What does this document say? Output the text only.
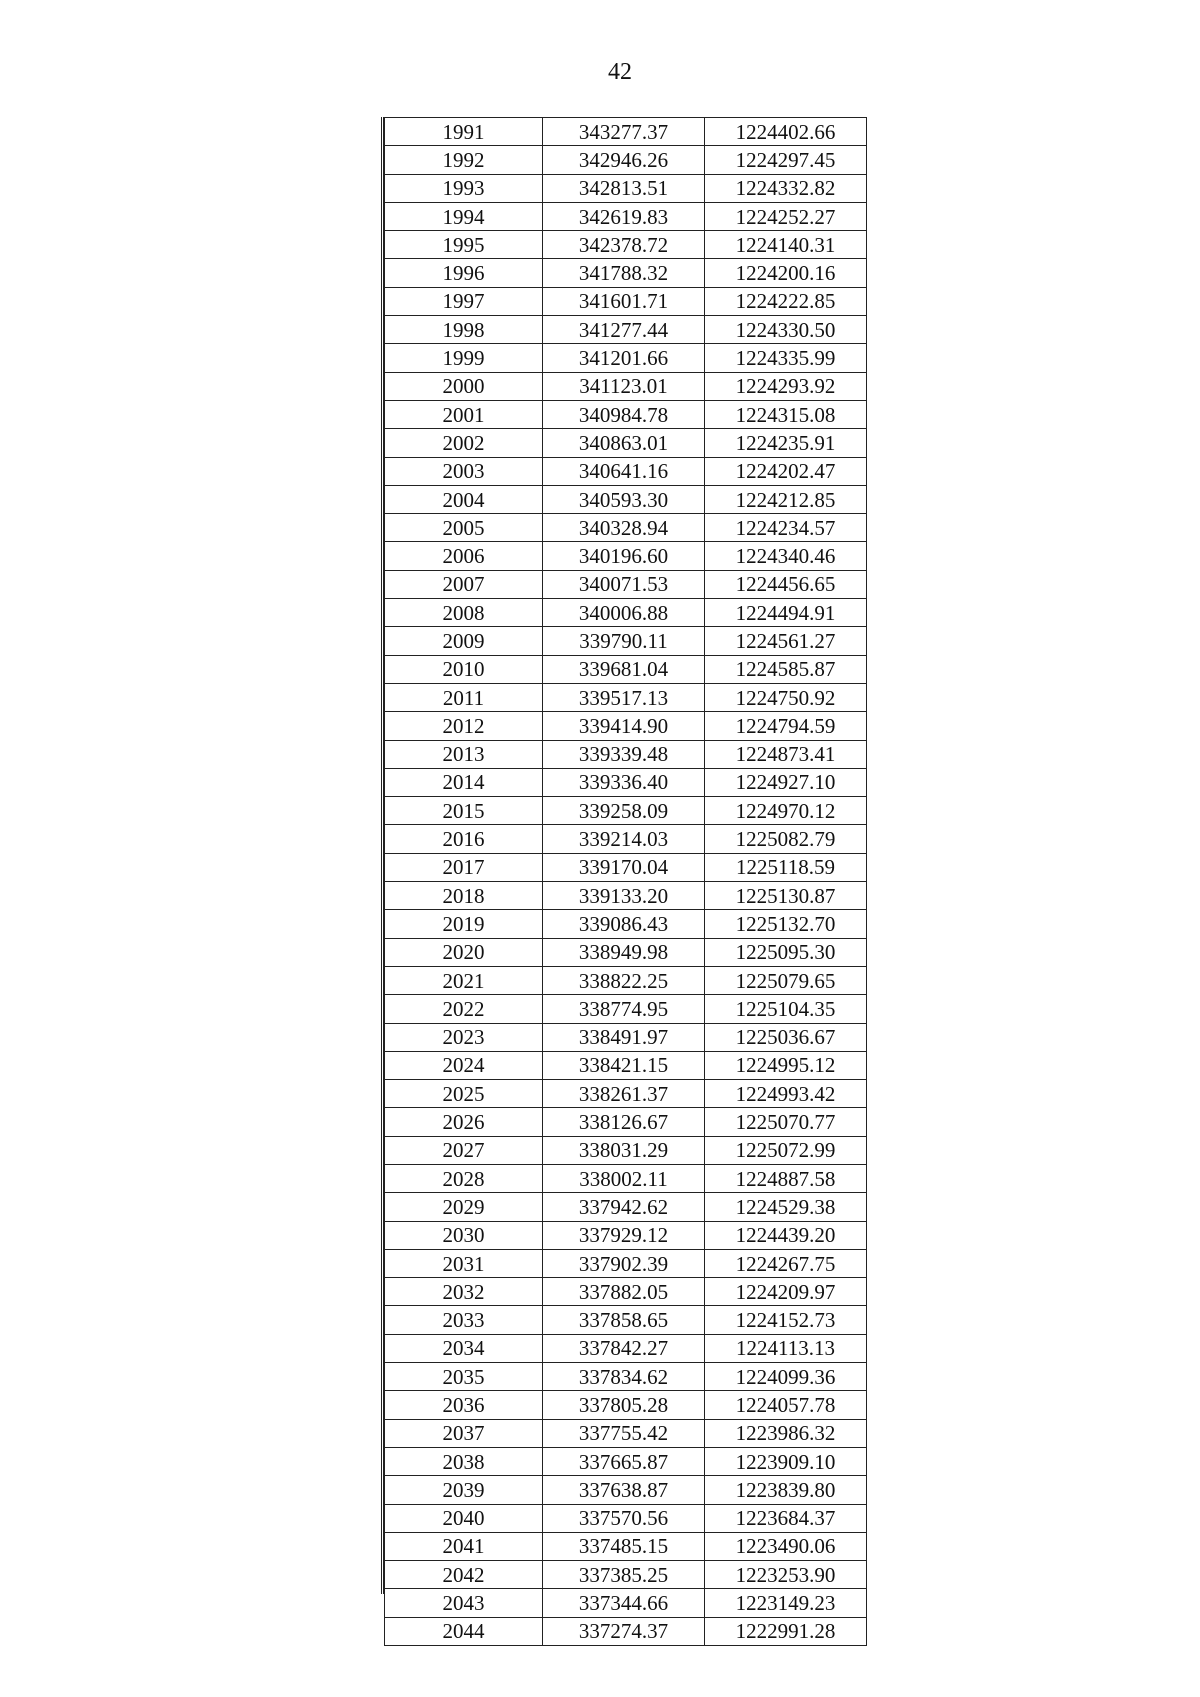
42
1991	343277.37	1224402.66
1992	342946.26	1224297.45
1993	342813.51	1224332.82
1994	342619.83	1224252.27
1995	342378.72	1224140.31
1996	341788.32	1224200.16
1997	341601.71	1224222.85
1998	341277.44	1224330.50
1999	341201.66	1224335.99
2000	341123.01	1224293.92
2001	340984.78	1224315.08
2002	340863.01	1224235.91
2003	340641.16	1224202.47
2004	340593.30	1224212.85
2005	340328.94	1224234.57
2006	340196.60	1224340.46
2007	340071.53	1224456.65
2008	340006.88	1224494.91
2009	339790.11	1224561.27
2010	339681.04	1224585.87
2011	339517.13	1224750.92
2012	339414.90	1224794.59
2013	339339.48	1224873.41
2014	339336.40	1224927.10
2015	339258.09	1224970.12
2016	339214.03	1225082.79
2017	339170.04	1225118.59
2018	339133.20	1225130.87
2019	339086.43	1225132.70
2020	338949.98	1225095.30
2021	338822.25	1225079.65
2022	338774.95	1225104.35
2023	338491.97	1225036.67
2024	338421.15	1224995.12
2025	338261.37	1224993.42
2026	338126.67	1225070.77
2027	338031.29	1225072.99
2028	338002.11	1224887.58
2029	337942.62	1224529.38
2030	337929.12	1224439.20
2031	337902.39	1224267.75
2032	337882.05	1224209.97
2033	337858.65	1224152.73
2034	337842.27	1224113.13
2035	337834.62	1224099.36
2036	337805.28	1224057.78
2037	337755.42	1223986.32
2038	337665.87	1223909.10
2039	337638.87	1223839.80
2040	337570.56	1223684.37
2041	337485.15	1223490.06
2042	337385.25	1223253.90
2043	337344.66	1223149.23
2044	337274.37	1222991.28
